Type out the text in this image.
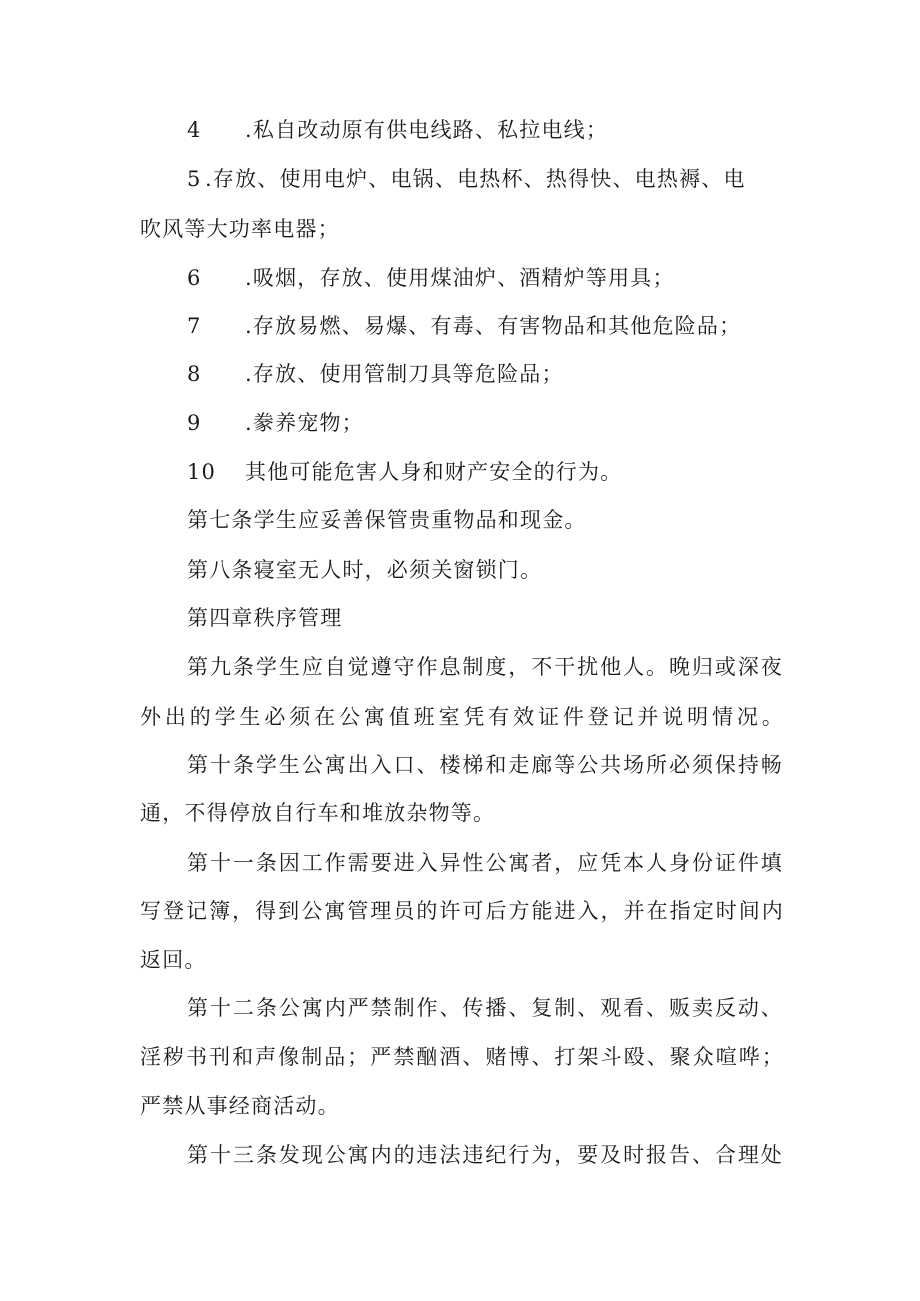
4 .私自改动原有供电线路、私拉电线；
5 .存放、使用电炉、电锅、电热杯、热得快、电热褥、电
吹风等大功率电器；
6 .吸烟，存放、使用煤油炉、酒精炉等用具；
7 .存放易燃、易爆、有毒、有害物品和其他危险品；
8 .存放、使用管制刀具等危险品；
9 .豢养宠物；
10 其他可能危害人身和财产安全的行为。
第七条学生应妥善保管贵重物品和现金。
第八条寝室无人时，必须关窗锁门。
第四章秩序管理
第九条学生应自觉遵守作息制度，不干扰他人。晚归或深夜
外出的学生必须在公寓值班室凭有效证件登记并说明情况。
第十条学生公寓出入口、楼梯和走廊等公共场所必须保持畅
通，不得停放自行车和堆放杂物等。
第十一条因工作需要进入异性公寓者，应凭本人身份证件填
写登记簿，得到公寓管理员的许可后方能进入，并在指定时间内
返回。
第十二条公寓内严禁制作、传播、复制、观看、贩卖反动、
淫秽书刊和声像制品；严禁酗酒、赌博、打架斗殴、聚众喧哗；
严禁从事经商活动。
第十三条发现公寓内的违法违纪行为，要及时报告、合理处
